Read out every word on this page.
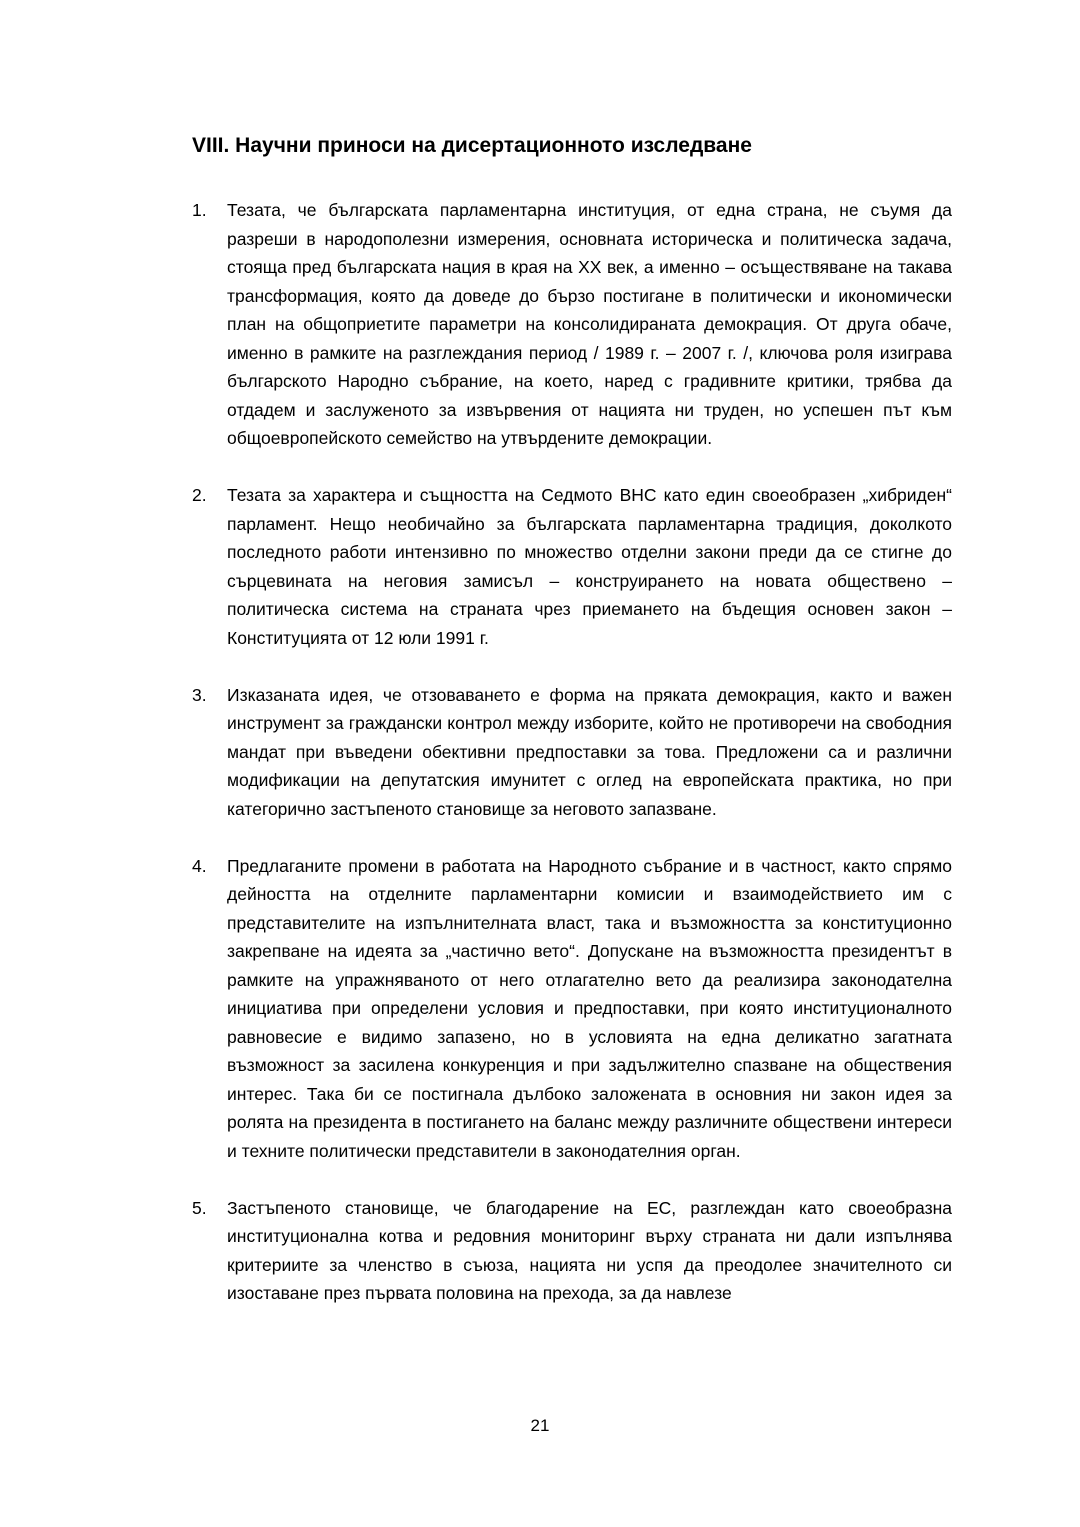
VIII. Научни приноси на дисертационното изследване
1. Тезата, че българската парламентарна институция, от една страна, не съумя да разреши в народополезни измерения, основната историческа и политическа задача, стояща пред българската нация в края на XX век, а именно – осъществяване на такава трансформация, която да доведе до бързо постигане в политически и икономически план на общоприетите параметри на консолидираната демокрация. От друга обаче, именно в рамките на разглеждания период / 1989 г. – 2007 г. /, ключова роля изиграва българското Народно събрание, на което, наред с градивните критики, трябва да отдадем и заслуженото за извървения от нацията ни труден, но успешен път към общоевропейското семейство на утвърдените демокрации.

2. Тезата за характера и същността на Седмото ВНС като един своеобразен „хибриден“ парламент. Нещо необичайно за българската парламентарна традиция, доколкото последното работи интензивно по множество отделни закони преди да се стигне до сърцевината на неговия замисъл – конструирането на новата обществено – политическа система на страната чрез приемането на бъдещия основен закон – Конституцията от 12 юли 1991 г.

3. Изказаната идея, че отзоваването е форма на пряката демокрация, както и важен инструмент за граждански контрол между изборите, който не противоречи на свободния мандат при въведени обективни предпоставки за това. Предложени са и различни модификации на депутатския имунитет с оглед на европейската практика, но при категорично застъпеното становище за неговото запазване.

4. Предлаганите промени в работата на Народното събрание и в частност, както спрямо дейността на отделните парламентарни комисии и взаимодействието им с представителите на изпълнителната власт, така и възможността за конституционно закрепване на идеята за „частично вето“. Допускане на възможността президентът в рамките на упражняваното от него отлагателно вето да реализира законодателна инициатива при определени условия и предпоставки, при която институционалното равновесие е видимо запазено, но в условията на една деликатно загатнатa възможност за засилена конкуренция и при задължително спазване на обществения интерес. Така би се постигнала дълбоко заложената в основния ни закон идея за ролята на президента в постигането на баланс между различните обществени интереси и техните политически представители в законодателния орган.

5. Застъпеното становище, че благодарение на ЕС, разглеждан като своеобразна институционална котва и редовния мониторинг върху страната ни дали изпълнява критериите за членство в съюза, нацията ни успя да преодолее значителното си изоставане през първата половина на прехода, за да навлезе

21
